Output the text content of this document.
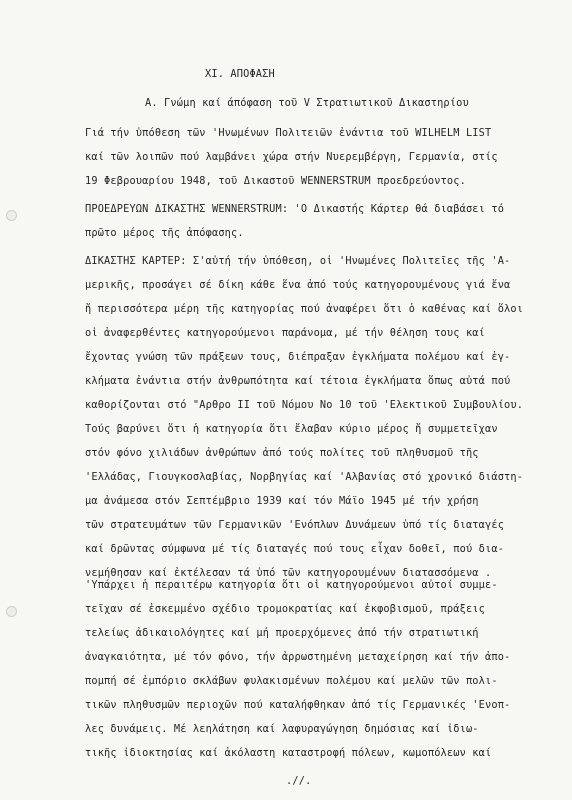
ΧΙ. ΑΠΟΦΑΣΗ
Α. Γνώμη καί άπόφαση τοῦ V Στρατιωτικοῦ Δικαστηρίου
Γιά τήν ὑπόθεση τῶν 'Ηνωμένων Πολιτειῶν ἐνάντια τοῦ WILHELM LIST
καί τῶν λοιπῶν πού λαμβάνει χώρα στήν Νυερεμβέργη, Γερμανία, στίς
19 Φεβρουαρίου 1948, τοῦ Δικαστοῦ WENNERSTRUM προεδρεύοντος.
ΠΡΟΕΔΡΕΥΩΝ ΔΙΚΑΣΤΗΣ WENNERSTRUM: 'Ο Δικαστής Κάρτερ θά διαβάσει τό
πρῶτο μέρος τῆς ἀπόφασης.
ΔΙΚΑΣΤΗΣ ΚΑΡΤΕΡ: Σ'αὐτή τήν ὑπόθεση, οἱ 'Ηνωμένες Πολιτεῖες τῆς 'Α-
μερικῆς, προσάγει σέ δίκη κάθε ἕνα ἀπό τούς κατηγορουμένους γιά ἕνα
ἤ περισσότερα μέρη τῆς κατηγορίας πού ἀναφέρει ὅτι ὁ καθένας καί ὅλοι
οἱ ἀναφερθέντες κατηγορούμενοι παράνομα, μέ τήν θέληση τους καί
ἔχοντας γνώση τῶν πράξεων τους, διέπραξαν ἐγκλήματα πολέμου καί ἐγ-
κλήματα ἐνάντια στήν ἀνθρωπότητα καί τέτοια ἐγκλήματα ὅπως αὐτά πού
καθορίζονται στό "Αρθρο ΙΙ τοῦ Νόμου Νο 10 τοῦ 'Ελεκτικοῦ Συμβουλίου.
Τούς βαρύνει ὅτι ἡ κατηγορία ὅτι ἔλαβαν κύριο μέρος ἤ συμμετεῖχαν
στόν φόνο χιλιάδων ἀνθρώπων ἀπό τούς πολίτες τοῦ πληθυσμοῦ τῆς
'Ελλάδας, Γιουγκοσλαβίας, Νορβηγίας καί 'Αλβανίας στό χρονικό διάστη-
μα ἀνάμεσα στόν Σεπτέμβριο 1939 καί τόν Μάϊο 1945 μέ τήν χρήση
τῶν στρατευμάτων τῶν Γερμανικῶν 'Ενόπλων Δυνάμεων ὑπό τίς διαταγές
καί δρῶντας σύμφωνα μέ τίς διαταγές πού τους εἶχαν δοθεῖ, πού δια-
νεμήθησαν καί ἐκτέλεσαν τά ὑπό τῶν κατηγορουμένων διατασσόμενα .
'Υπάρχει ἡ περαιτέρω κατηγορία ὅτι οἱ κατηγορούμενοι αὐτοί συμμε-
τεῖχαν σέ ἐσκεμμένο σχέδιο τρομοκρατίας καί ἐκφοβισμοῦ, πράξεις
τελείως ἀδικαιολόγητες καί μή προερχόμενες ἀπό τήν στρατιωτική
ἀναγκαιότητα, μέ τόν φόνο, τήν ἀρρωστημένη μεταχείρηση καί τήν ἀπο-
πομπή σέ ἐμπόριο σκλάβων φυλακισμένων πολέμου καί μελῶν τῶν πολι-
τικῶν πληθυσμῶν περιοχῶν πού καταλήφθηκαν ἀπό τίς Γερμανικές 'Ενοπ-
λες δυνάμεις. Μέ λεηλάτηση καί λαφυραγώγηση δημόσιας καί ἰδιω-
τικῆς ἰδιοκτησίας καί ἀκόλαστη καταστροφή πόλεων, κωμοπόλεων καί
.//.
